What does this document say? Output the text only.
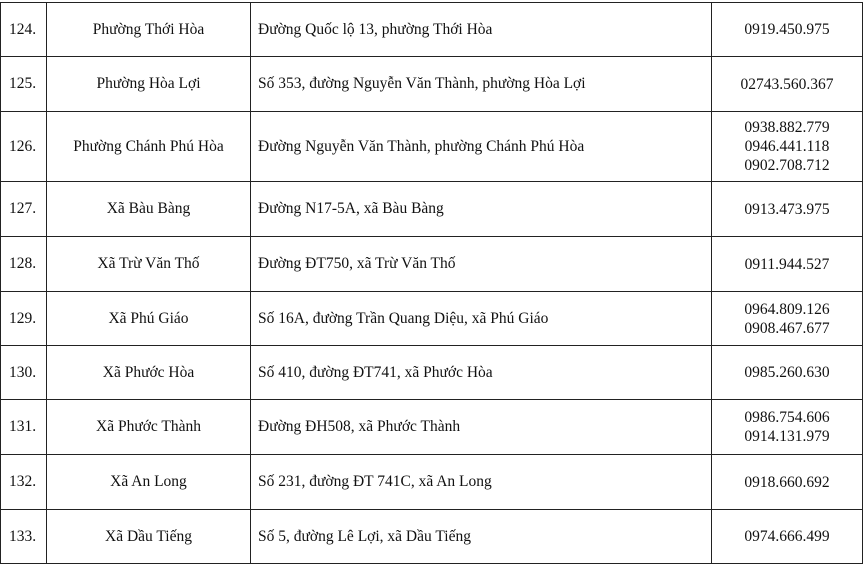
124.	Phường Thới Hòa	Đường Quốc lộ 13, phường Thới Hòa	0919.450.975

125.	Phường Hòa Lợi	Số 353, đường Nguyễn Văn Thành, phường Hòa Lợi	02743.560.367

126.	Phường Chánh Phú Hòa	Đường Nguyễn Văn Thành, phường Chánh Phú Hòa	0938.882.779
0946.441.118
0902.708.712

127.	Xã Bàu Bàng	Đường N17-5A, xã Bàu Bàng	0913.473.975

128.	Xã Trừ Văn Thố	Đường ĐT750, xã Trừ Văn Thố	0911.944.527

129.	Xã Phú Giáo	Số 16A, đường Trần Quang Diệu, xã Phú Giáo	0964.809.126
0908.467.677

130.	Xã Phước Hòa	Số 410, đường ĐT741, xã Phước Hòa	0985.260.630

131.	Xã Phước Thành	Đường ĐH508, xã Phước Thành	0986.754.606
0914.131.979

132.	Xã An Long	Số 231, đường ĐT 741C, xã An Long	0918.660.692

133.	Xã Dầu Tiếng	Số 5, đường Lê Lợi, xã Dầu Tiếng	0974.666.499
